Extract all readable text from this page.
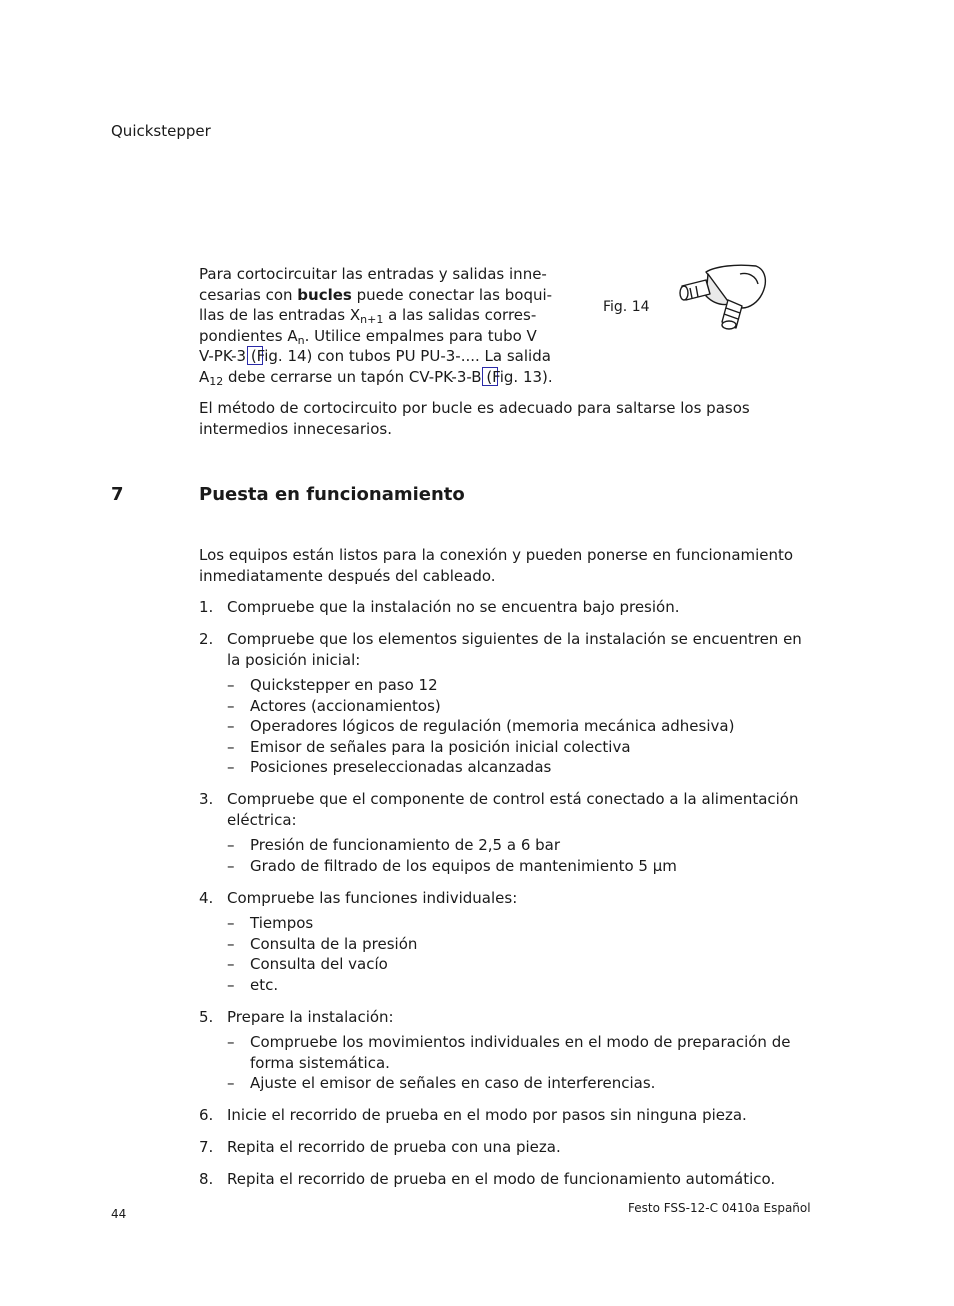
Quickstepper
Para cortocircuitar las entradas y salidas inne-
cesarias con bucles puede conectar las boqui-
llas de las entradas $X_{n+1}$ a las salidas corres-
pondientes $A_n$. Utilice empalmes para tubo V
V-PK-3 (Fig. 14) con tubos PU PU-3-.... La salida
$A_{12}$ debe cerrarse un tapón CV-PK-3-B (Fig. 13).
Fig. 14
El método de cortocircuito por bucle es adecuado para saltarse los pasos intermedios innecesarios.
7	Puesta en funcionamiento
Los equipos están listos para la conexión y pueden ponerse en funcionamiento inmediatamente después del cableado.
1. Compruebe que la instalación no se encuentra bajo presión.
2. Compruebe que los elementos siguientes de la instalación se encuentren en la posición inicial:
– Quickstepper en paso 12
– Actores (accionamientos)
– Operadores lógicos de regulación (memoria mecánica adhesiva)
– Emisor de señales para la posición inicial colectiva
– Posiciones preseleccionadas alcanzadas
3. Compruebe que el componente de control está conectado a la alimentación eléctrica:
– Presión de funcionamiento de 2,5 a 6 bar
– Grado de filtrado de los equipos de mantenimiento 5 µm
4. Compruebe las funciones individuales:
– Tiempos
– Consulta de la presión
– Consulta del vacío
– etc.
5. Prepare la instalación:
– Compruebe los movimientos individuales en el modo de preparación de forma sistemática.
– Ajuste el emisor de señales en caso de interferencias.
6. Inicie el recorrido de prueba en el modo por pasos sin ninguna pieza.
7. Repita el recorrido de prueba con una pieza.
8. Repita el recorrido de prueba en el modo de funcionamiento automático.
44	Festo FSS-12-C 0410a Español
